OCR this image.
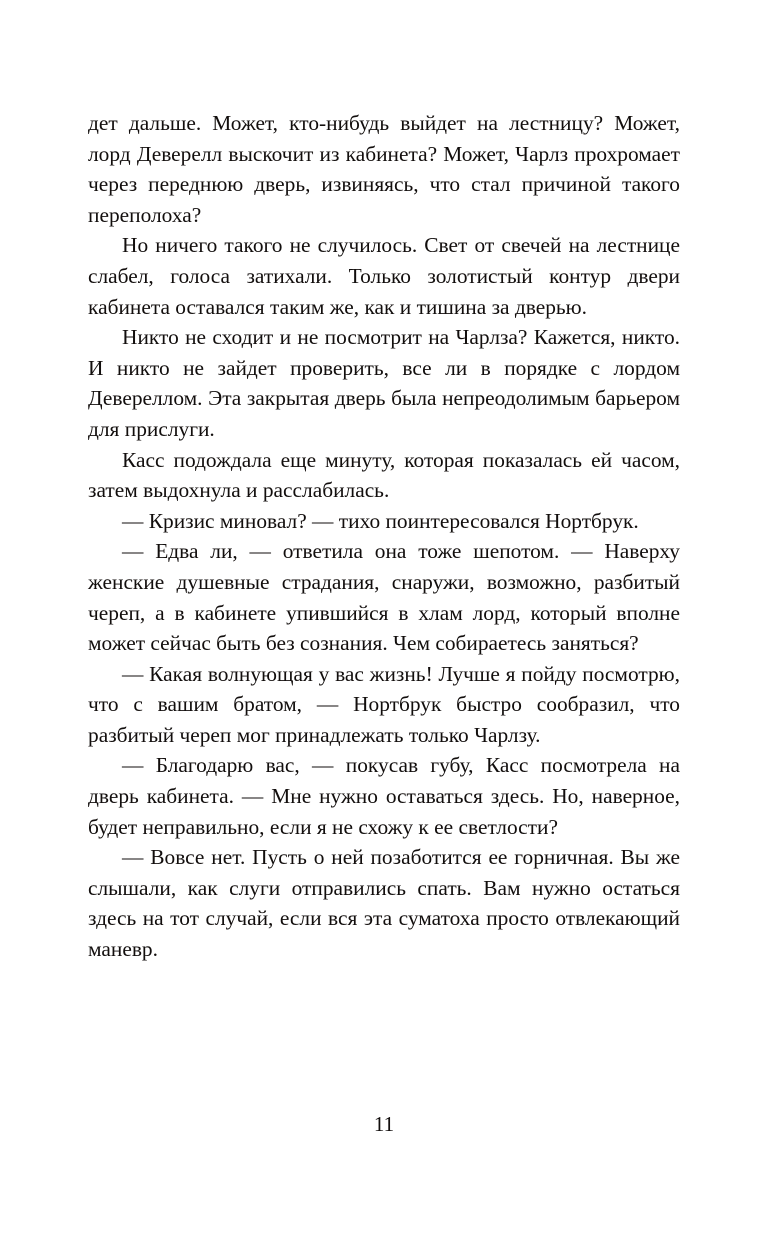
дет дальше. Может, кто-нибудь выйдет на лестницу? Может, лорд Деверелл выскочит из кабинета? Может, Чарлз прохромает через переднюю дверь, извиняясь, что стал причиной такого переполоха?

Но ничего такого не случилось. Свет от свечей на лестнице слабел, голоса затихали. Только золотистый контур двери кабинета оставался таким же, как и тишина за дверью.

Никто не сходит и не посмотрит на Чарлза? Кажется, никто. И никто не зайдет проверить, все ли в порядке с лордом Девереллом. Эта закрытая дверь была непреодолимым барьером для прислуги.

Касс подождала еще минуту, которая показалась ей часом, затем выдохнула и расслабилась.

— Кризис миновал? — тихо поинтересовался Нортбрук.

— Едва ли, — ответила она тоже шепотом. — Наверху женские душевные страдания, снаружи, возможно, разбитый череп, а в кабинете упившийся в хлам лорд, который вполне может сейчас быть без сознания. Чем собираетесь заняться?

— Какая волнующая у вас жизнь! Лучше я пойду посмотрю, что с вашим братом, — Нортбрук быстро сообразил, что разбитый череп мог принадлежать только Чарлзу.

— Благодарю вас, — покусав губу, Касс посмотрела на дверь кабинета. — Мне нужно оставаться здесь. Но, наверное, будет неправильно, если я не схожу к ее светлости?

— Вовсе нет. Пусть о ней позаботится ее горничная. Вы же слышали, как слуги отправились спать. Вам нужно остаться здесь на тот случай, если вся эта суматоха просто отвлекающий маневр.

11
